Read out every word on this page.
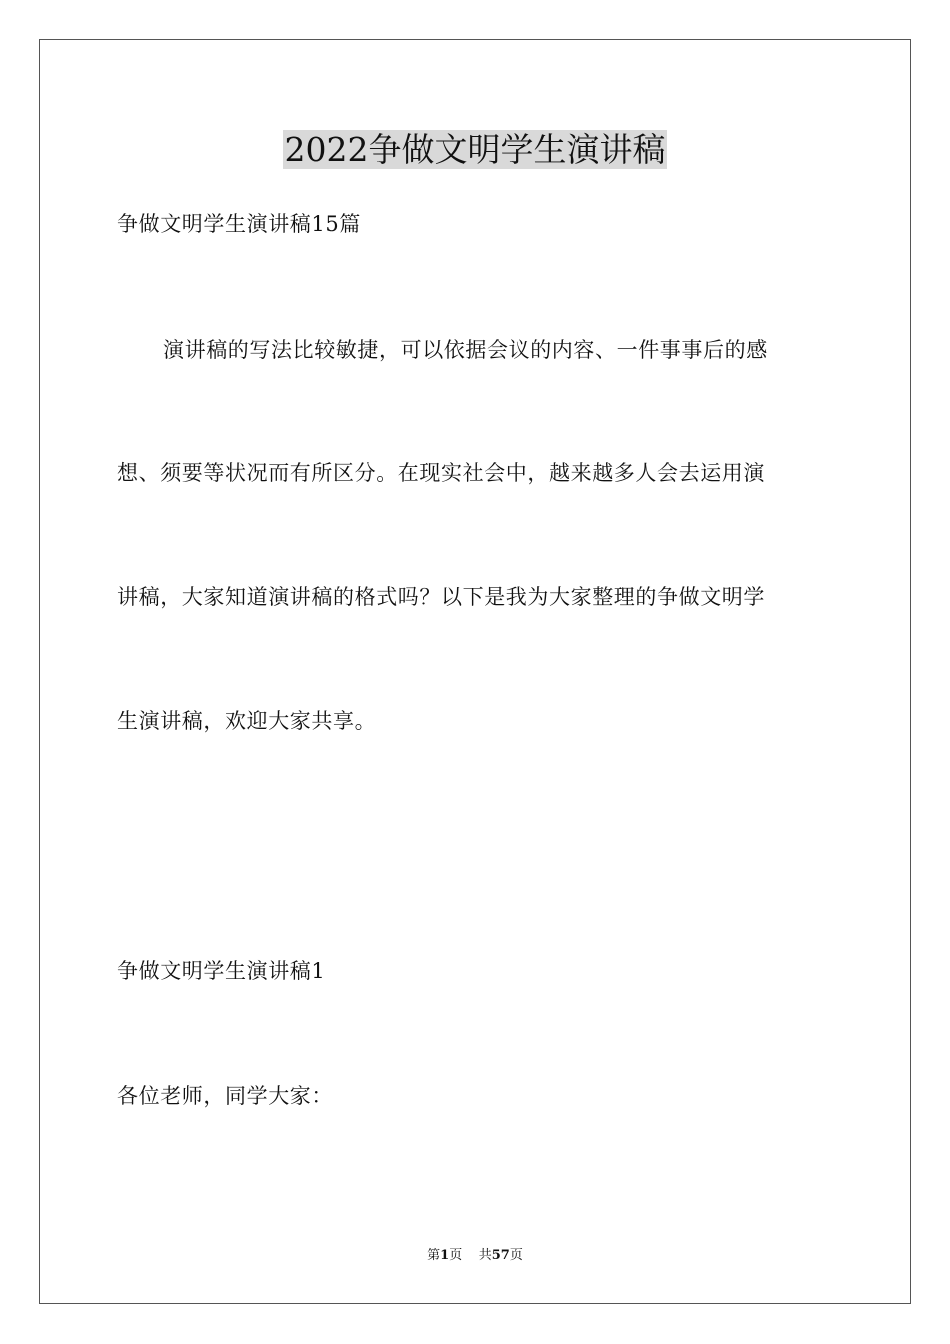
2022争做文明学生演讲稿
争做文明学生演讲稿15篇
演讲稿的写法比较敏捷，可以依据会议的内容、一件事事后的感
想、须要等状况而有所区分。在现实社会中，越来越多人会去运用演
讲稿，大家知道演讲稿的格式吗？以下是我为大家整理的争做文明学
生演讲稿，欢迎大家共享。
争做文明学生演讲稿1
各位老师，同学大家：
第1页 共57页
